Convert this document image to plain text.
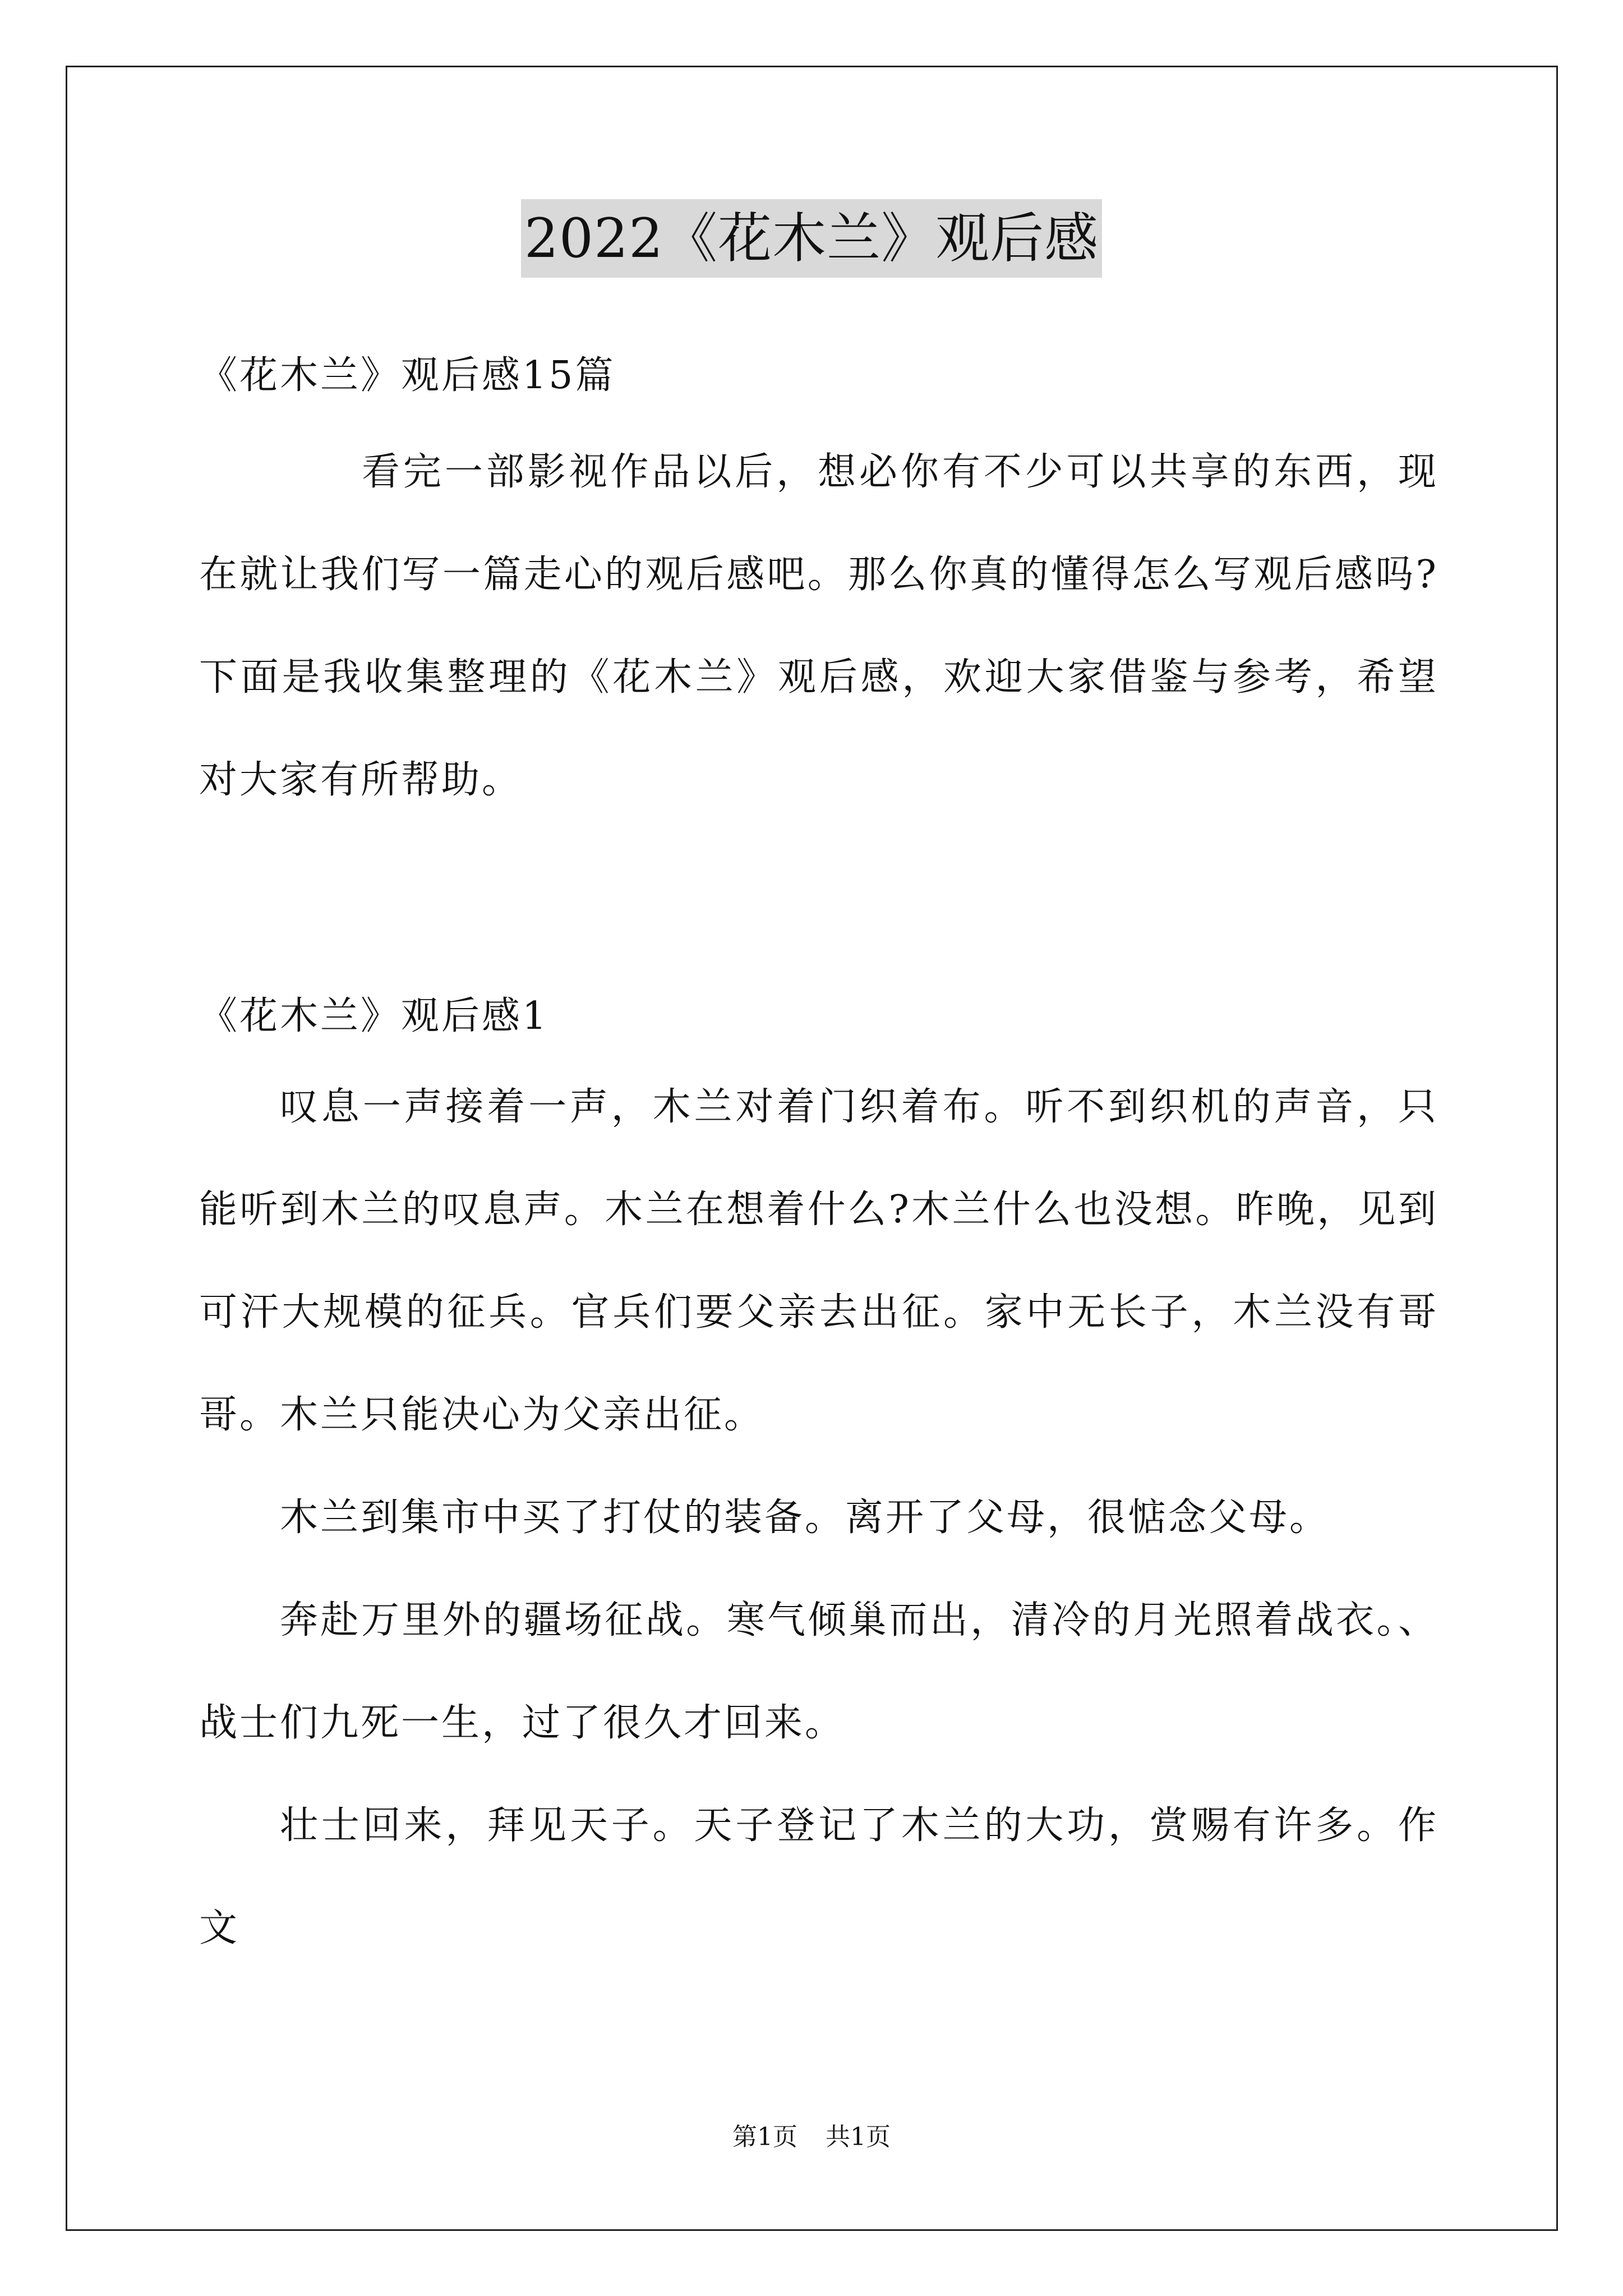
2022《花木兰》观后感
《花木兰》观后感15篇

看完一部影视作品以后，想必你有不少可以共享的东西，现在就让我们写一篇走心的观后感吧。那么你真的懂得怎么写观后感吗?下面是我收集整理的《花木兰》观后感，欢迎大家借鉴与参考，希望对大家有所帮助。

《花木兰》观后感1

叹息一声接着一声，木兰对着门织着布。听不到织机的声音，只能听到木兰的叹息声。木兰在想着什么?木兰什么也没想。昨晚，见到可汗大规模的征兵。官兵们要父亲去出征。家中无长子，木兰没有哥哥。木兰只能决心为父亲出征。

木兰到集市中买了打仗的装备。离开了父母，很惦念父母。

奔赴万里外的疆场征战。寒气倾巢而出，清冷的月光照着战衣。、战士们九死一生，过了很久才回来。

壮士回来，拜见天子。天子登记了木兰的大功，赏赐有许多。作文

第1页 共1页
